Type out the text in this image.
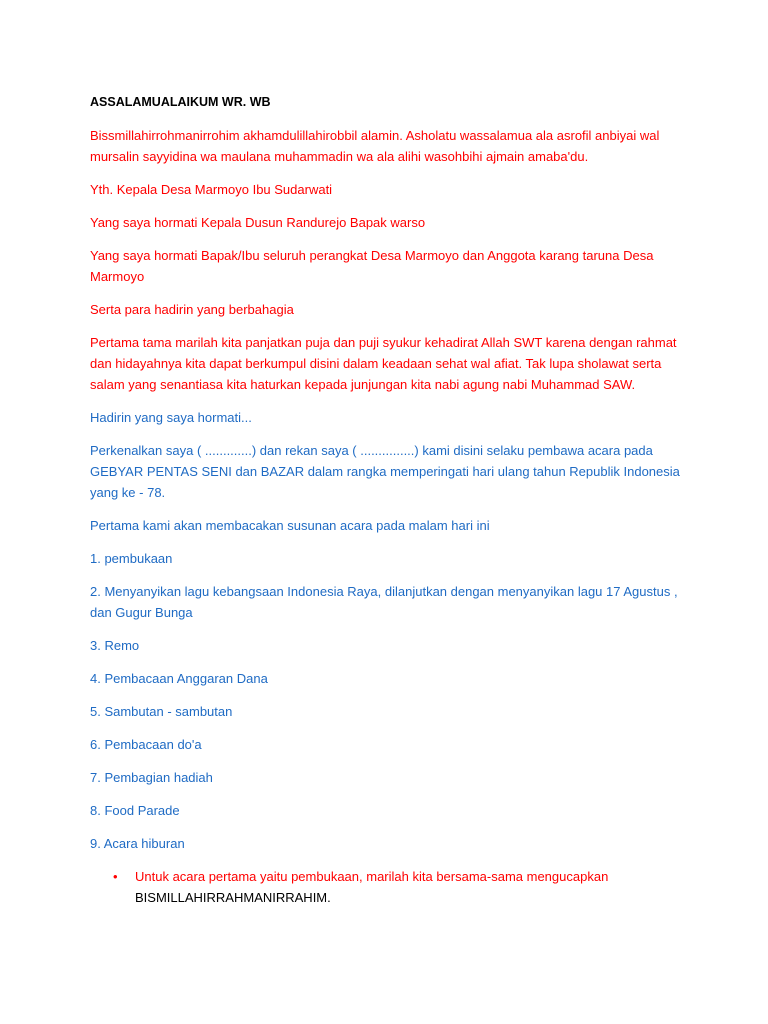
ASSALAMUALAIKUM WR. WB

Bissmillahirrohmanirrohim akhamdulillahirobbil alamin. Asholatu wassalamua ala asrofil anbiyai wal mursalin sayyidina wa maulana muhammadin wa ala alihi wasohbihi ajmain amaba'du.

Yth. Kepala Desa Marmoyo Ibu Sudarwati

Yang saya hormati Kepala Dusun Randurejo Bapak warso

Yang saya hormati Bapak/Ibu seluruh perangkat Desa Marmoyo dan Anggota karang taruna Desa Marmoyo

Serta para hadirin yang berbahagia

Pertama tama marilah kita panjatkan puja dan puji syukur kehadirat Allah SWT karena dengan rahmat dan hidayahnya kita dapat berkumpul disini dalam keadaan sehat wal afiat. Tak lupa sholawat serta salam yang senantiasa kita haturkan kepada junjungan kita nabi agung nabi Muhammad SAW.

Hadirin yang saya hormati...

Perkenalkan saya ( .............) dan rekan saya ( ...............) kami disini selaku pembawa acara pada GEBYAR PENTAS SENI dan BAZAR dalam rangka memperingati hari ulang tahun Republik Indonesia yang ke - 78.

Pertama kami akan membacakan susunan acara pada malam hari ini

1. pembukaan

2. Menyanyikan lagu kebangsaan Indonesia Raya, dilanjutkan dengan menyanyikan lagu 17 Agustus , dan Gugur Bunga

3. Remo

4. Pembacaan Anggaran Dana

5. Sambutan - sambutan

6. Pembacaan do'a

7. Pembagian hadiah

8. Food Parade

9. Acara hiburan

• Untuk acara pertama yaitu pembukaan, marilah kita bersama-sama mengucapkan
BISMILLAHIRRAHMANIRRAHIM.
